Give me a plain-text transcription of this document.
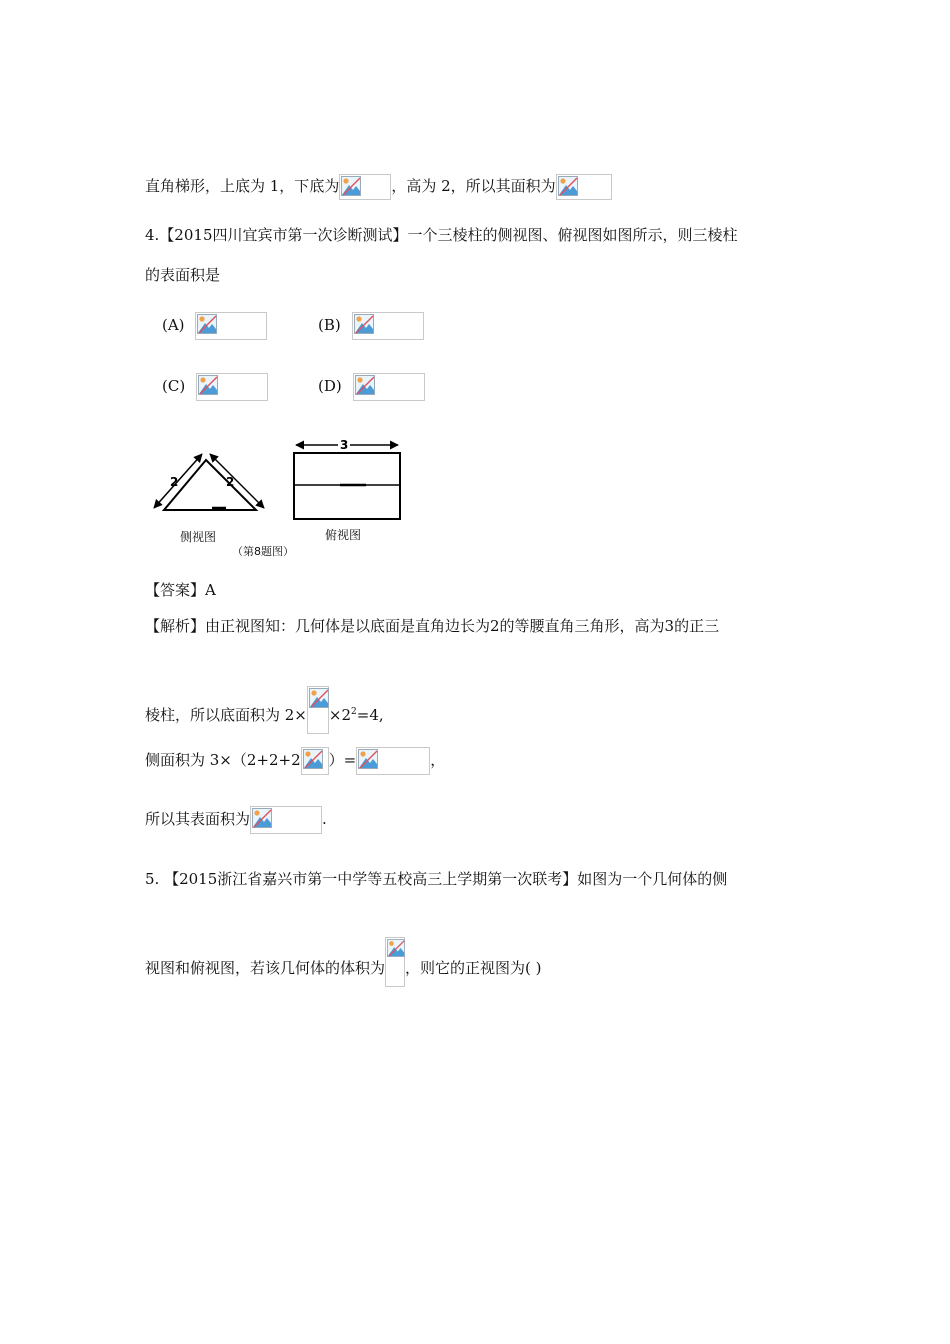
直角梯形，上底为 1，下底为	，高为 2，所以其面积为
4.【2015四川宜宾市第一次诊断测试】一个三棱柱的侧视图、俯视图如图所示，则三棱柱
的表面积是
(A)	(B)
(C)	(D)
2	2
3
侧视图	俯视图
（第8题图）
【答案】A
【解析】由正视图知：几何体是以底面是直角边长为2的等腰直角三角形，高为3的正三
棱柱，所以底面积为 $2\times \times 2^2=4$,
侧面积为 3×（2+2+2 ）=	，
所以其表面积为	.
5. 【2015浙江省嘉兴市第一中学等五校高三上学期第一次联考】如图为一个几何体的侧
视图和俯视图，若该几何体的体积为 ，则它的正视图为( )
